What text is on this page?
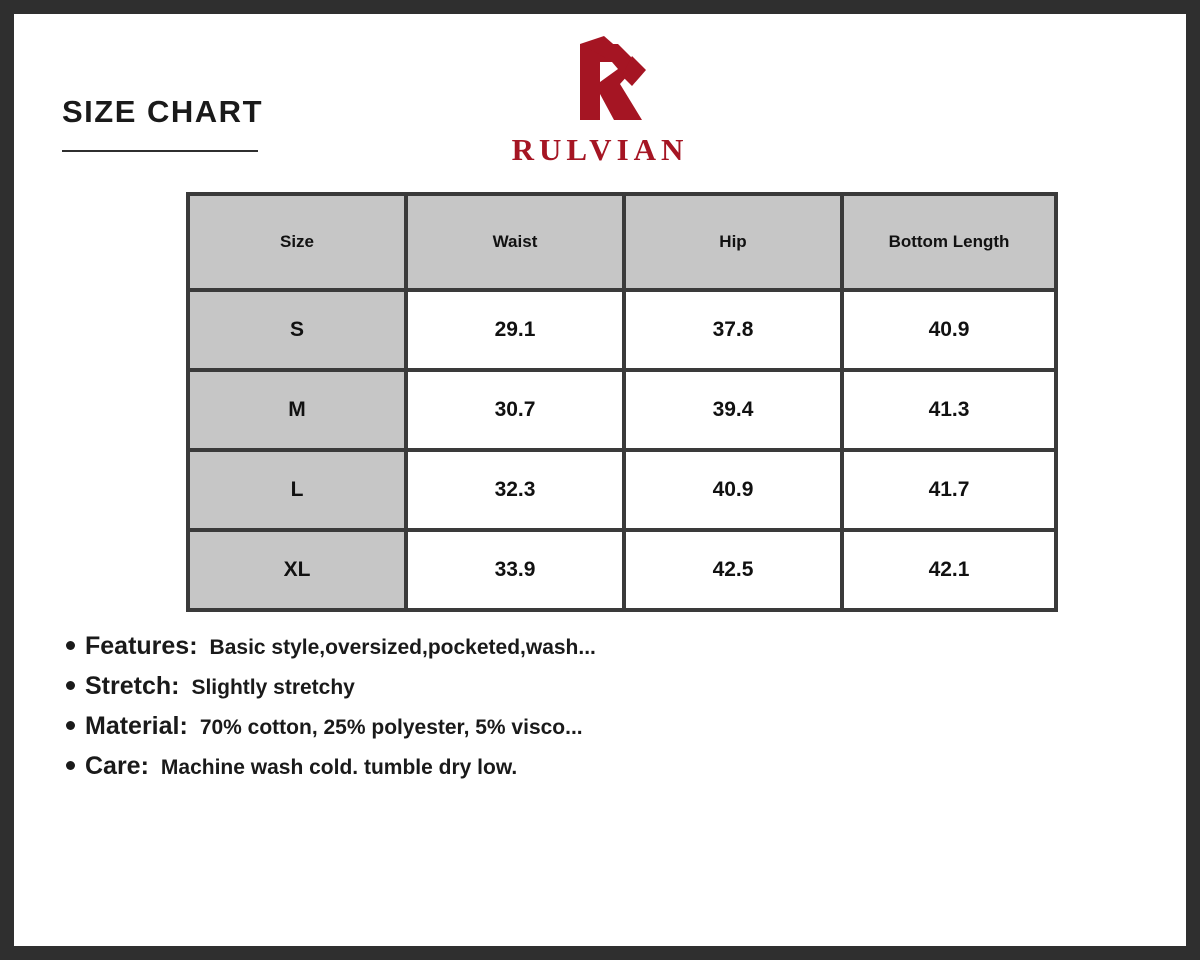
SIZE CHART
RULVIAN
Size	Waist	Hip	Bottom Length
S	29.1	37.8	40.9
M	30.7	39.4	41.3
L	32.3	40.9	41.7
XL	33.9	42.5	42.1
Features: Basic style,oversized,pocketed,wash...
Stretch: Slightly stretchy
Material: 70% cotton, 25% polyester, 5% visco...
Care: Machine wash cold. tumble dry low.
